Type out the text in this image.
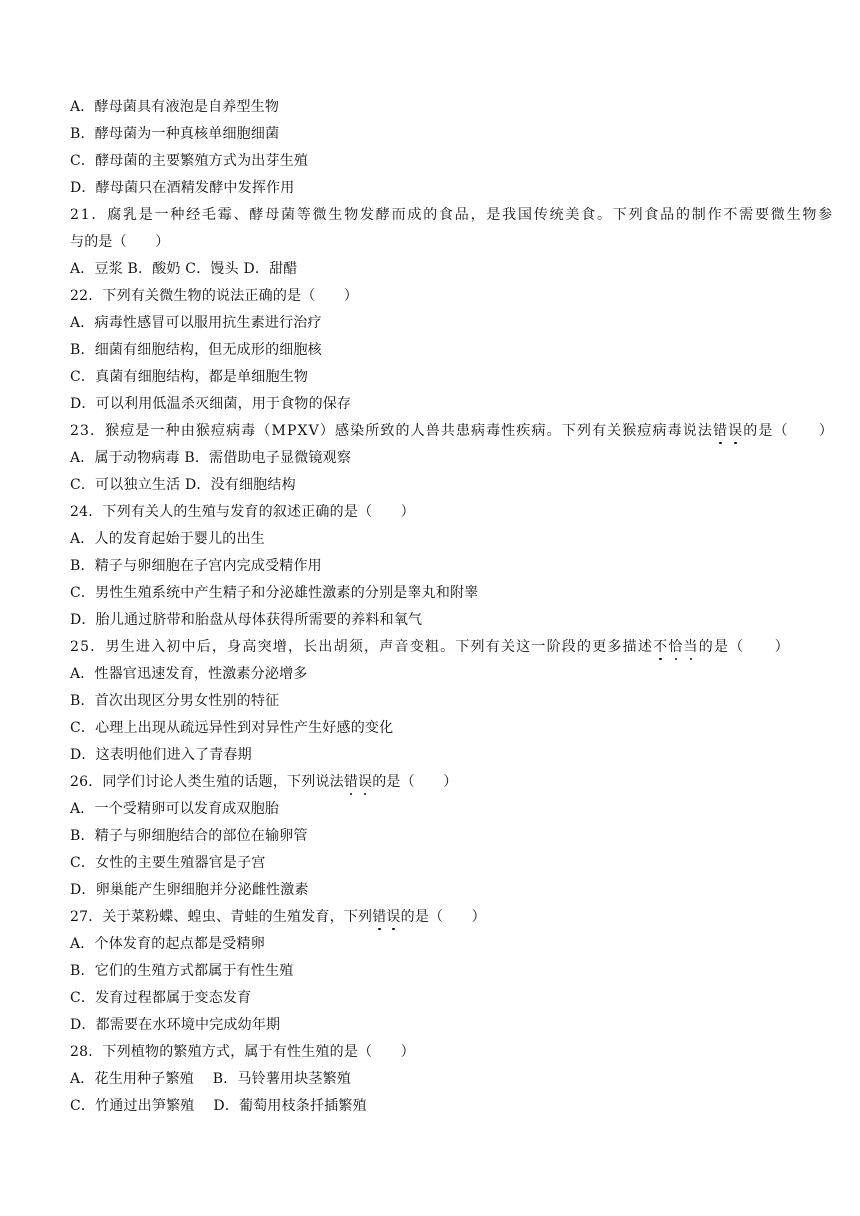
A．酵母菌具有液泡是自养型生物
B．酵母菌为一种真核单细胞细菌
C．酵母菌的主要繁殖方式为出芽生殖
D．酵母菌只在酒精发酵中发挥作用
21．腐乳是一种经毛霉、酵母菌等微生物发酵而成的食品，是我国传统美食。下列食品的制作不需要微生物参
与的是（　　）
A．豆浆 B．酸奶 C．馒头 D．甜醋
22．下列有关微生物的说法正确的是（　　）
A．病毒性感冒可以服用抗生素进行治疗
B．细菌有细胞结构，但无成形的细胞核
C．真菌有细胞结构，都是单细胞生物
D．可以利用低温杀灭细菌，用于食物的保存
23．猴痘是一种由猴痘病毒（MPXV）感染所致的人兽共患病毒性疾病。下列有关猴痘病毒说法错误的是（　　）
A．属于动物病毒 B．需借助电子显微镜观察
C．可以独立生活 D．没有细胞结构
24．下列有关人的生殖与发育的叙述正确的是（　　）
A．人的发育起始于婴儿的出生
B．精子与卵细胞在子宫内完成受精作用
C．男性生殖系统中产生精子和分泌雄性激素的分别是睾丸和附睾
D．胎儿通过脐带和胎盘从母体获得所需要的养料和氧气
25．男生进入初中后，身高突增，长出胡须，声音变粗。下列有关这一阶段的更多描述不恰当的是（　　）
A．性器官迅速发育，性激素分泌增多
B．首次出现区分男女性别的特征
C．心理上出现从疏远异性到对异性产生好感的变化
D．这表明他们进入了青春期
26．同学们讨论人类生殖的话题，下列说法错误的是（　　）
A．一个受精卵可以发育成双胞胎
B．精子与卵细胞结合的部位在输卵管
C．女性的主要生殖器官是子宫
D．卵巢能产生卵细胞并分泌雌性激素
27．关于菜粉蝶、蝗虫、青蛙的生殖发育，下列错误的是（　　）
A．个体发育的起点都是受精卵
B．它们的生殖方式都属于有性生殖
C．发育过程都属于变态发育
D．都需要在水环境中完成幼年期
28．下列植物的繁殖方式，属于有性生殖的是（　　）
A．花生用种子繁殖　 B．马铃薯用块茎繁殖
C．竹通过出笋繁殖　 D．葡萄用枝条扦插繁殖
